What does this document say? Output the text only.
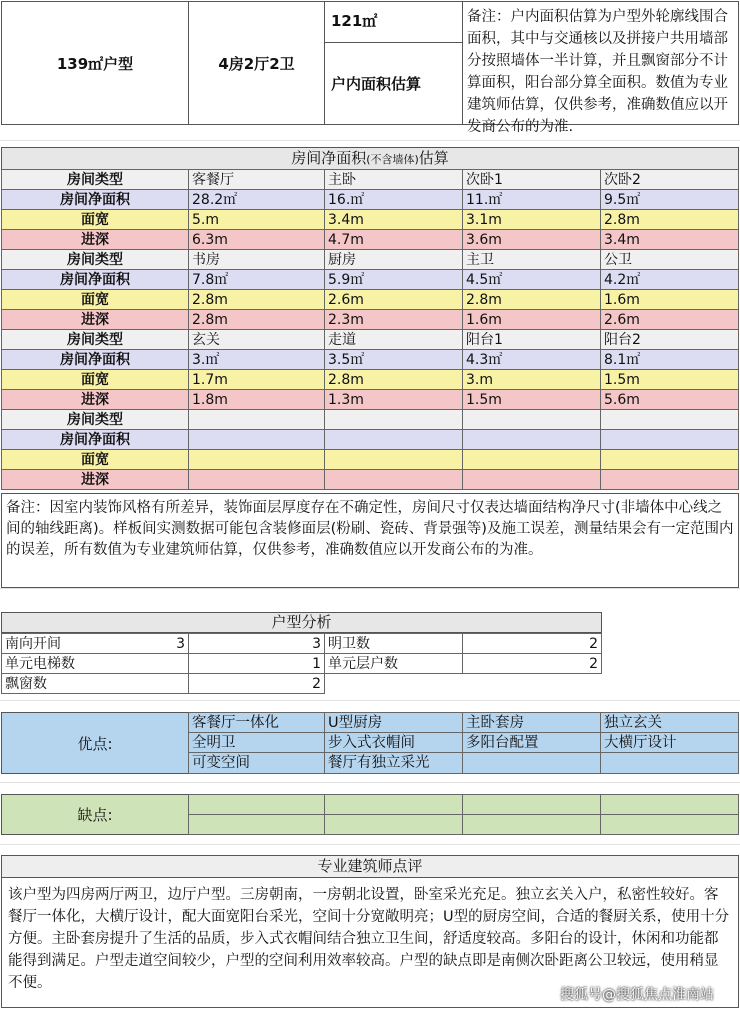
139㎡户型	4房2厅2卫
121㎡
户内面积估算
备注：户内面积估算为户型外轮廓线围合面积，其中与交通核以及拼接户共用墙部分按照墙体一半计算，并且飘窗部分不计算面积，阳台部分算全面积。数值为专业建筑师估算，仅供参考，准确数值应以开发商公布的为准.
房间净面积(不含墙体)估算
房间类型	客餐厅	主卧	次卧1	次卧2
房间净面积	28.2㎡	16.㎡	11.㎡	9.5㎡
面宽	5.m	3.4m	3.1m	2.8m
进深	6.3m	4.7m	3.6m	3.4m
房间类型	书房	厨房	主卫	公卫
房间净面积	7.8㎡	5.9㎡	4.5㎡	4.2㎡
面宽	2.8m	2.6m	2.8m	1.6m
进深	2.8m	2.3m	1.6m	2.6m
房间类型	玄关	走道	阳台1	阳台2
房间净面积	3.㎡	3.5㎡	4.3㎡	8.1㎡
面宽	1.7m	2.8m	3.m	1.5m
进深	1.8m	1.3m	1.5m	5.6m
房间类型
房间净面积
面宽
进深
备注：因室内装饰风格有所差异，装饰面层厚度存在不确定性，房间尺寸仅表达墙面结构净尺寸(非墙体中心线之间的轴线距离)。样板间实测数据可能包含装修面层(粉刷、瓷砖、背景强等)及施工误差，测量结果会有一定范围内的误差，所有数值为专业建筑师估算，仅供参考，准确数值应以开发商公布的为准。
户型分析
南向开间	3	3 明卫数	2
单元电梯数	1 单元层户数	2
飘窗数	2
优点:
客餐厅一体化	U型厨房	主卧套房	独立玄关
全明卫	步入式衣帽间	多阳台配置	大横厅设计
可变空间	餐厅有独立采光
缺点:
专业建筑师点评
该户型为四房两厅两卫，边厅户型。三房朝南，一房朝北设置，卧室采光充足。独立玄关入户，私密性较好。客餐厅一体化，大横厅设计，配大面宽阳台采光，空间十分宽敞明亮；U型的厨房空间，合适的餐厨关系，使用十分方便。主卧套房提升了生活的品质，步入式衣帽间结合独立卫生间，舒适度较高。多阳台的设计，休闲和功能都能得到满足。户型走道空间较少，户型的空间利用效率较高。户型的缺点即是南侧次卧距离公卫较远，使用稍显不便。
搜狐号@搜狐焦点淮南站
